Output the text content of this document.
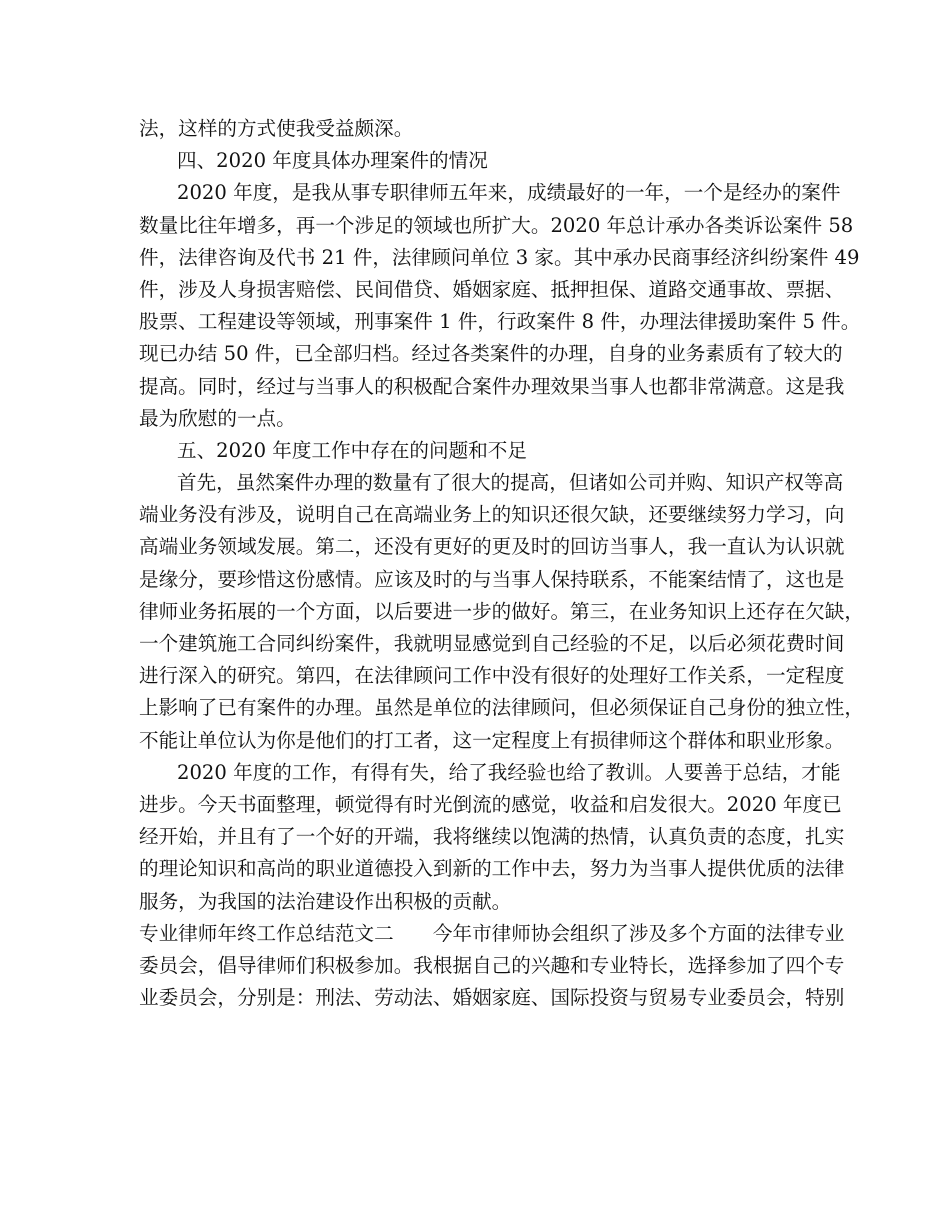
法，这样的方式使我受益颇深。
四、2020 年度具体办理案件的情况
2020 年度，是我从事专职律师五年来，成绩最好的一年，一个是经办的案件
数量比往年增多，再一个涉足的领域也所扩大。2020 年总计承办各类诉讼案件 58
件，法律咨询及代书 21 件，法律顾问单位 3 家。其中承办民商事经济纠纷案件 49
件，涉及人身损害赔偿、民间借贷、婚姻家庭、抵押担保、道路交通事故、票据、
股票、工程建设等领域，刑事案件 1 件，行政案件 8 件，办理法律援助案件 5 件。
现已办结 50 件，已全部归档。经过各类案件的办理，自身的业务素质有了较大的
提高。同时，经过与当事人的积极配合案件办理效果当事人也都非常满意。这是我
最为欣慰的一点。
五、2020 年度工作中存在的问题和不足
首先，虽然案件办理的数量有了很大的提高，但诸如公司并购、知识产权等高
端业务没有涉及，说明自己在高端业务上的知识还很欠缺，还要继续努力学习，向
高端业务领域发展。第二，还没有更好的更及时的回访当事人，我一直认为认识就
是缘分，要珍惜这份感情。应该及时的与当事人保持联系，不能案结情了，这也是
律师业务拓展的一个方面，以后要进一步的做好。第三，在业务知识上还存在欠缺，
一个建筑施工合同纠纷案件，我就明显感觉到自己经验的不足，以后必须花费时间
进行深入的研究。第四，在法律顾问工作中没有很好的处理好工作关系，一定程度
上影响了已有案件的办理。虽然是单位的法律顾问，但必须保证自己身份的独立性，
不能让单位认为你是他们的打工者，这一定程度上有损律师这个群体和职业形象。
2020 年度的工作，有得有失，给了我经验也给了教训。人要善于总结，才能
进步。今天书面整理，顿觉得有时光倒流的感觉，收益和启发很大。2020 年度已
经开始，并且有了一个好的开端，我将继续以饱满的热情，认真负责的态度，扎实
的理论知识和高尚的职业道德投入到新的工作中去，努力为当事人提供优质的法律
服务，为我国的法治建设作出积极的贡献。
专业律师年终工作总结范文二　　今年市律师协会组织了涉及多个方面的法律专业
委员会，倡导律师们积极参加。我根据自己的兴趣和专业特长，选择参加了四个专
业委员会，分别是：刑法、劳动法、婚姻家庭、国际投资与贸易专业委员会，特别
